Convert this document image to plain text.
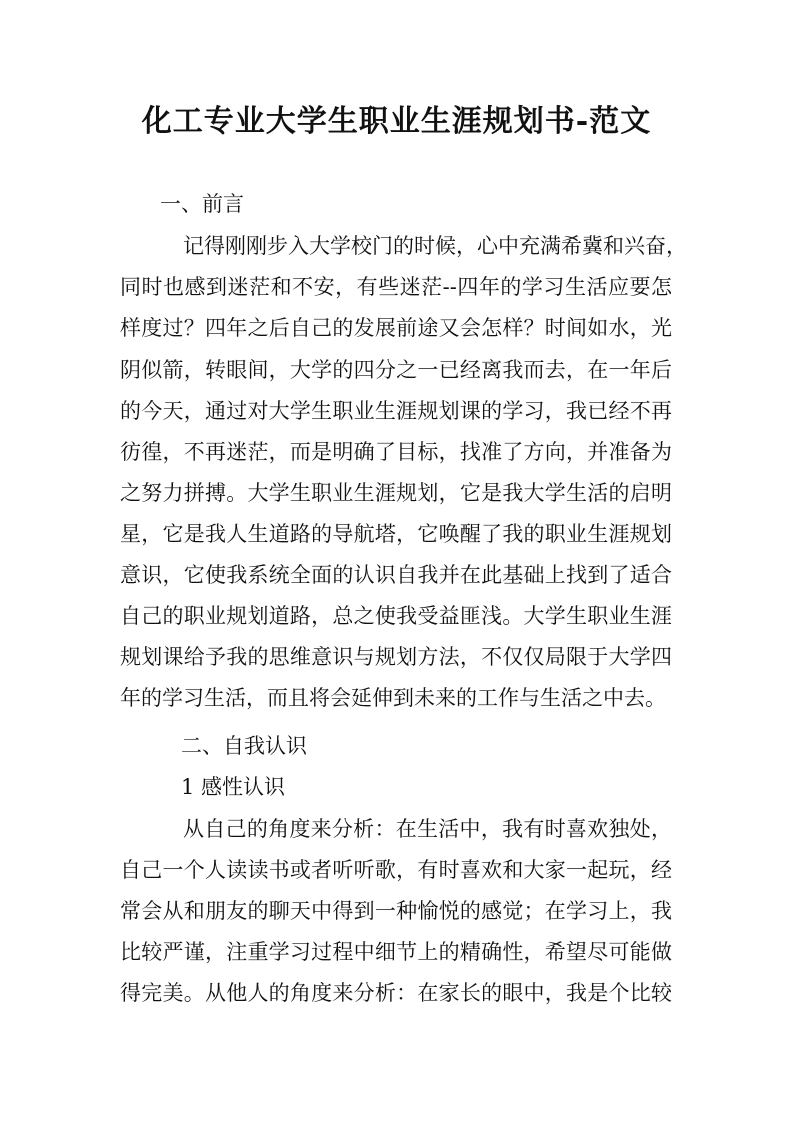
化工专业大学生职业生涯规划书-范文
一、前言
记得刚刚步入大学校门的时候，心中充满希冀和兴奋，
同时也感到迷茫和不安，有些迷茫--四年的学习生活应要怎
样度过？四年之后自己的发展前途又会怎样？时间如水，光
阴似箭，转眼间，大学的四分之一已经离我而去，在一年后
的今天，通过对大学生职业生涯规划课的学习，我已经不再
彷徨，不再迷茫，而是明确了目标，找准了方向，并准备为
之努力拼搏。大学生职业生涯规划，它是我大学生活的启明
星，它是我人生道路的导航塔，它唤醒了我的职业生涯规划
意识，它使我系统全面的认识自我并在此基础上找到了适合
自己的职业规划道路，总之使我受益匪浅。大学生职业生涯
规划课给予我的思维意识与规划方法，不仅仅局限于大学四
年的学习生活，而且将会延伸到未来的工作与生活之中去。
二、自我认识
1 感性认识
从自己的角度来分析：在生活中，我有时喜欢独处，
自己一个人读读书或者听听歌，有时喜欢和大家一起玩，经
常会从和朋友的聊天中得到一种愉悦的感觉；在学习上，我
比较严谨，注重学习过程中细节上的精确性，希望尽可能做
得完美。从他人的角度来分析：在家长的眼中，我是个比较
